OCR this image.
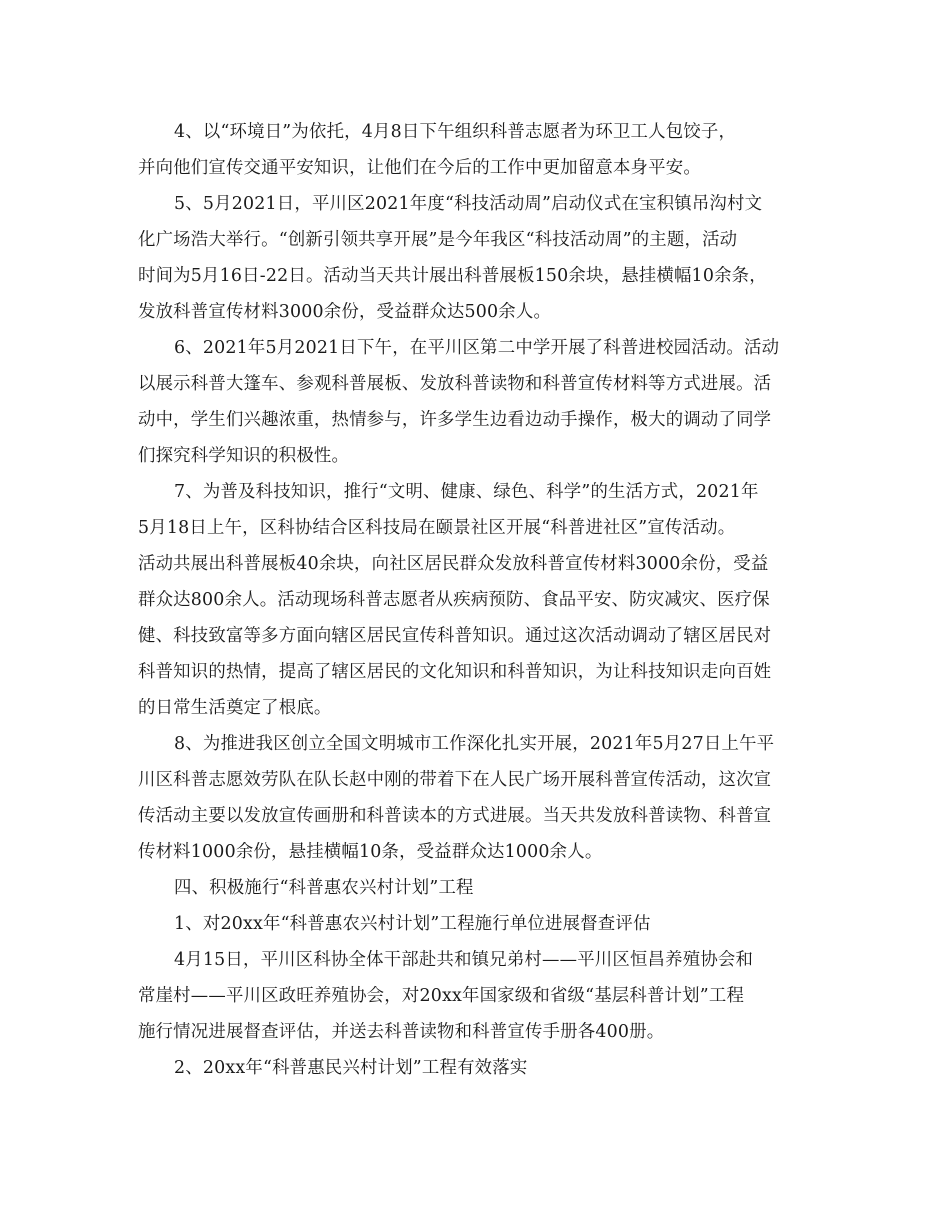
4、以“环境日”为依托，4月8日下午组织科普志愿者为环卫工人包饺子，
并向他们宣传交通平安知识，让他们在今后的工作中更加留意本身平安。
5、5月2021日，平川区2021年度“科技活动周”启动仪式在宝积镇吊沟村文
化广场浩大举行。“创新引领共享开展”是今年我区“科技活动周”的主题，活动
时间为5月16日-22日。活动当天共计展出科普展板150余块，悬挂横幅10余条，
发放科普宣传材料3000余份，受益群众达500余人。
6、2021年5月2021日下午，在平川区第二中学开展了科普进校园活动。活动
以展示科普大篷车、参观科普展板、发放科普读物和科普宣传材料等方式进展。活
动中，学生们兴趣浓重，热情参与，许多学生边看边动手操作，极大的调动了同学
们探究科学知识的积极性。
7、为普及科技知识，推行“文明、健康、绿色、科学”的生活方式，2021年
5月18日上午，区科协结合区科技局在颐景社区开展“科普进社区”宣传活动。
活动共展出科普展板40余块，向社区居民群众发放科普宣传材料3000余份，受益
群众达800余人。活动现场科普志愿者从疾病预防、食品平安、防灾减灾、医疗保
健、科技致富等多方面向辖区居民宣传科普知识。通过这次活动调动了辖区居民对
科普知识的热情，提高了辖区居民的文化知识和科普知识，为让科技知识走向百姓
的日常生活奠定了根底。
8、为推进我区创立全国文明城市工作深化扎实开展，2021年5月27日上午平
川区科普志愿效劳队在队长赵中刚的带着下在人民广场开展科普宣传活动，这次宣
传活动主要以发放宣传画册和科普读本的方式进展。当天共发放科普读物、科普宣
传材料1000余份，悬挂横幅10条，受益群众达1000余人。
四、积极施行“科普惠农兴村计划”工程
1、对20xx年“科普惠农兴村计划”工程施行单位进展督查评估
4月15日，平川区科协全体干部赴共和镇兄弟村——平川区恒昌养殖协会和
常崖村——平川区政旺养殖协会，对20xx年国家级和省级“基层科普计划”工程
施行情况进展督查评估，并送去科普读物和科普宣传手册各400册。
2、20xx年“科普惠民兴村计划”工程有效落实
